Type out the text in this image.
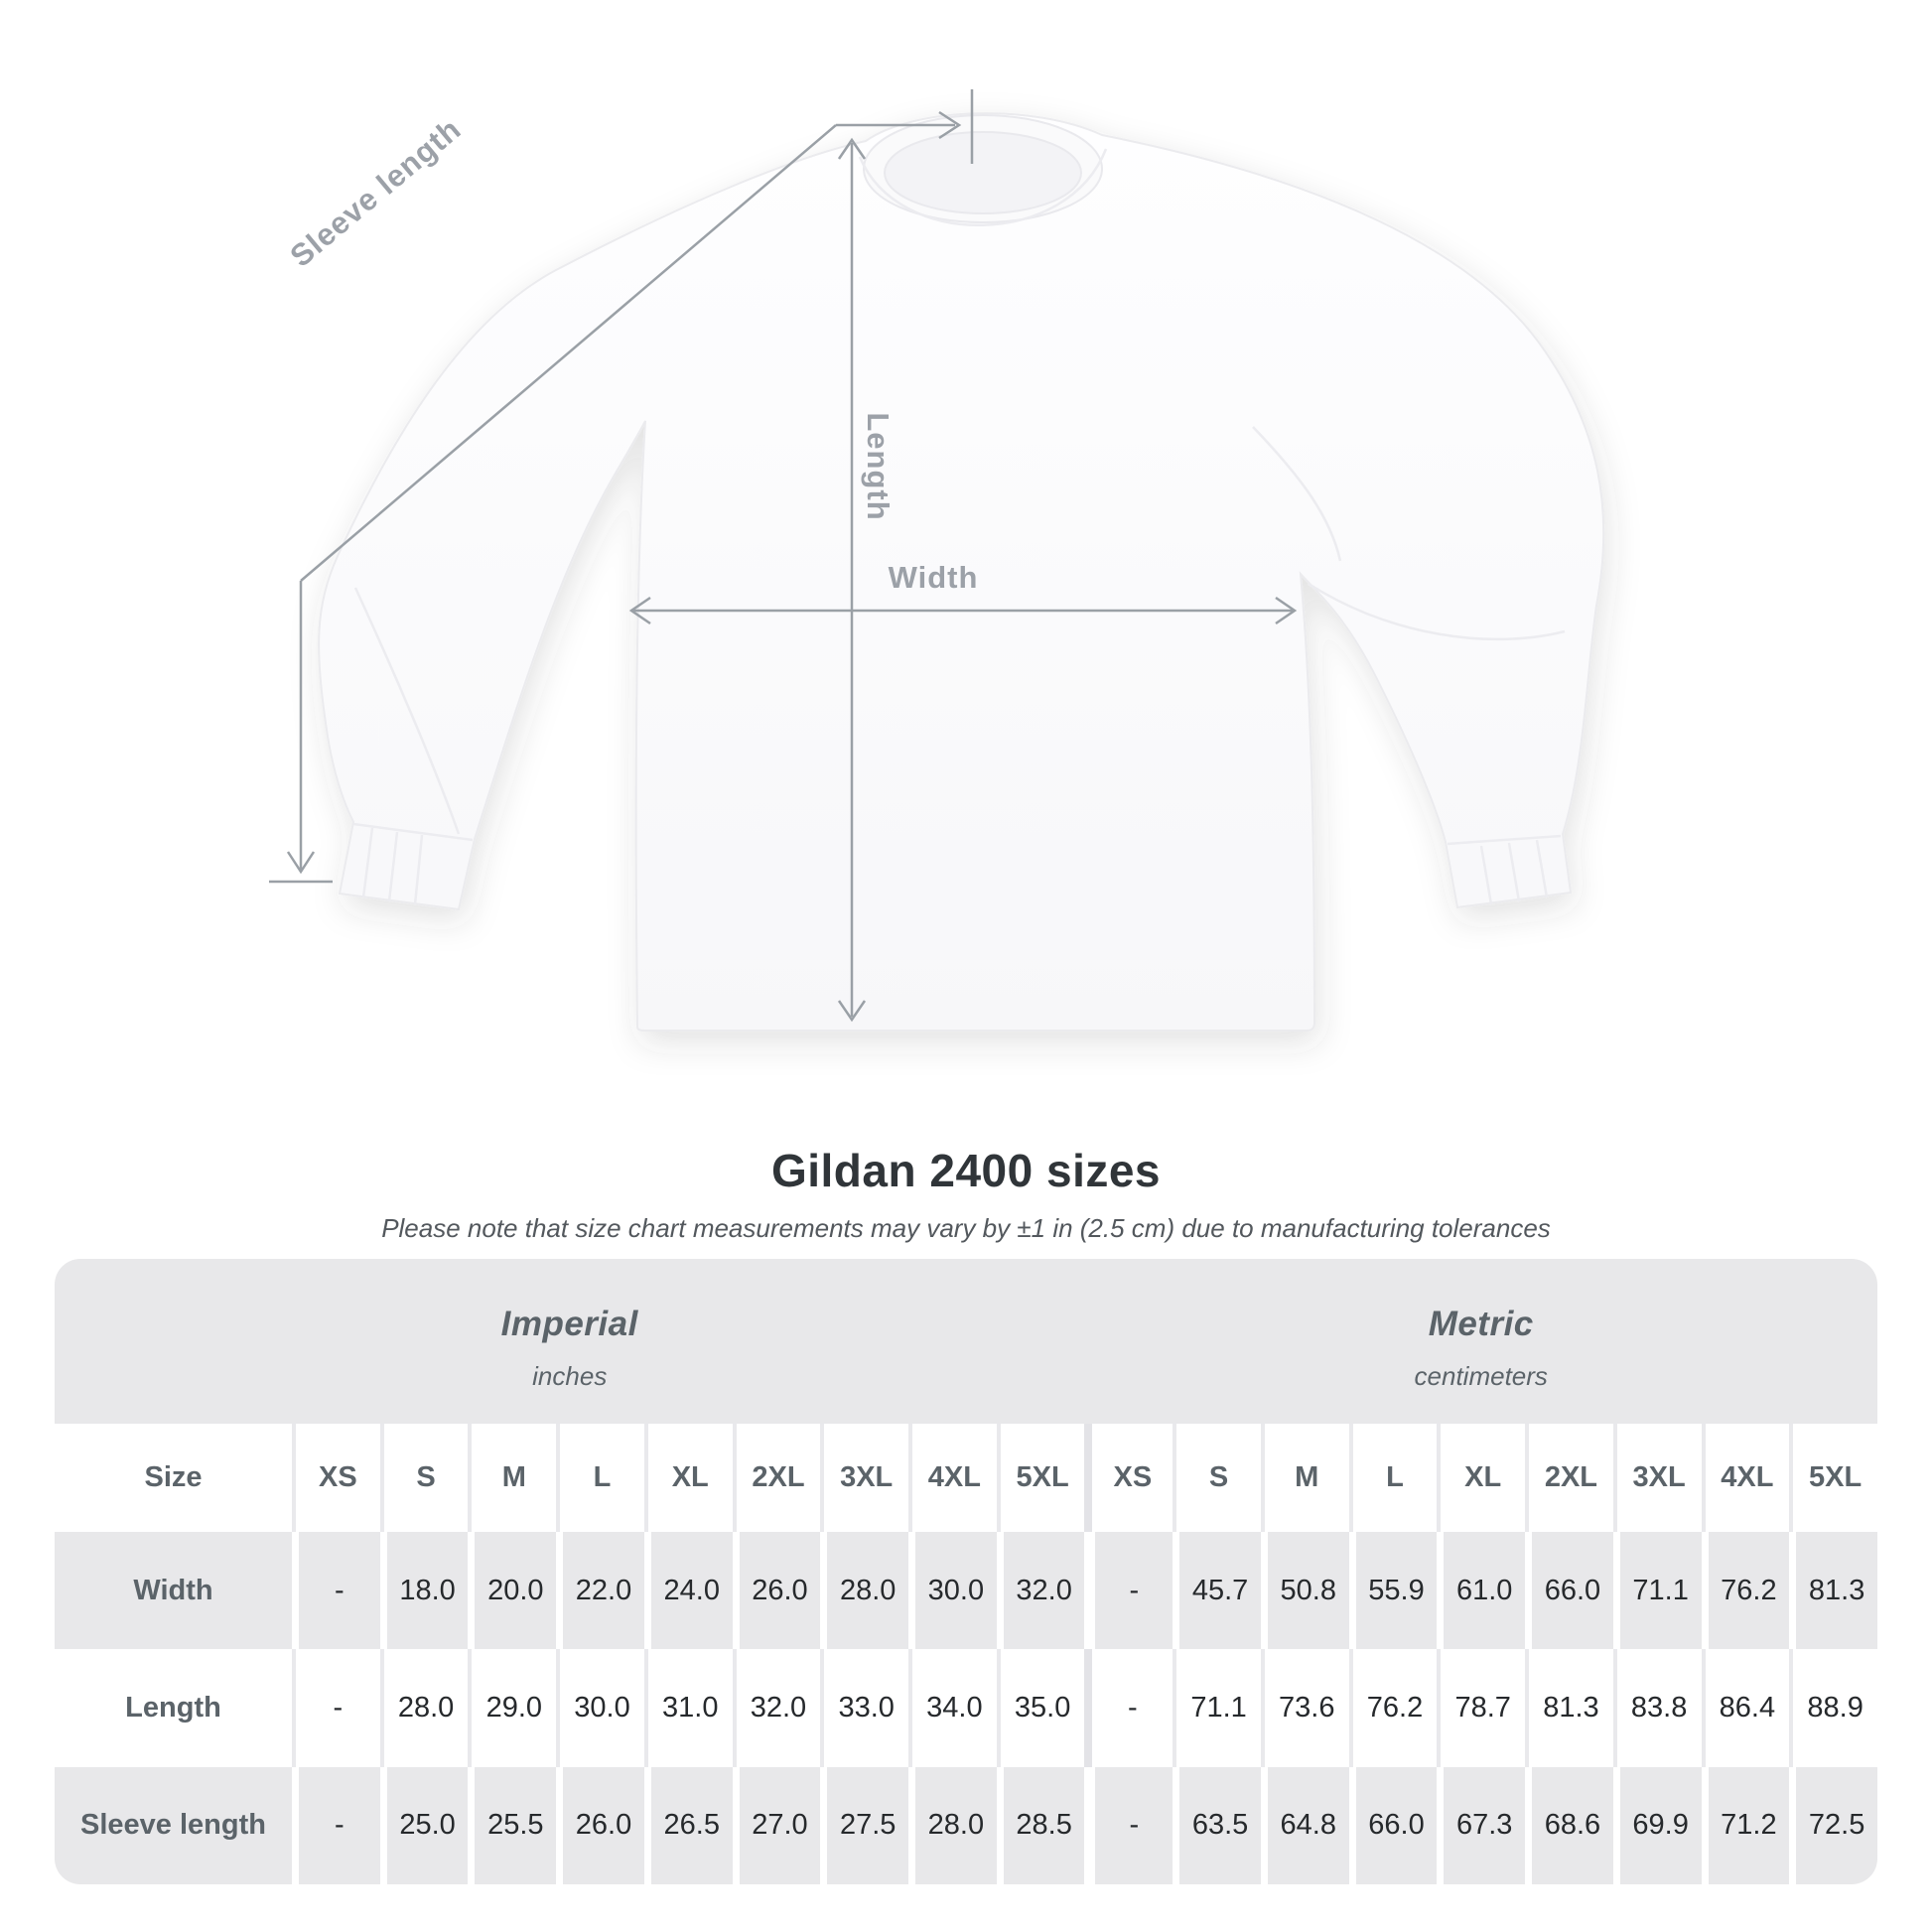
Sleeve length
Length
Width
Gildan 2400 sizes
Please note that size chart measurements may vary by ±1 in (2.5 cm) due to manufacturing tolerances
Imperial
inches

Metric
centimeters

Size	XS	S	M	L	XL	2XL	3XL	4XL	5XL	XS	S	M	L	XL	2XL	3XL	4XL	5XL
Width	-	18.0	20.0	22.0	24.0	26.0	28.0	30.0	32.0	-	45.7	50.8	55.9	61.0	66.0	71.1	76.2	81.3
Length	-	28.0	29.0	30.0	31.0	32.0	33.0	34.0	35.0	-	71.1	73.6	76.2	78.7	81.3	83.8	86.4	88.9
Sleeve length	-	25.0	25.5	26.0	26.5	27.0	27.5	28.0	28.5	-	63.5	64.8	66.0	67.3	68.6	69.9	71.2	72.5
